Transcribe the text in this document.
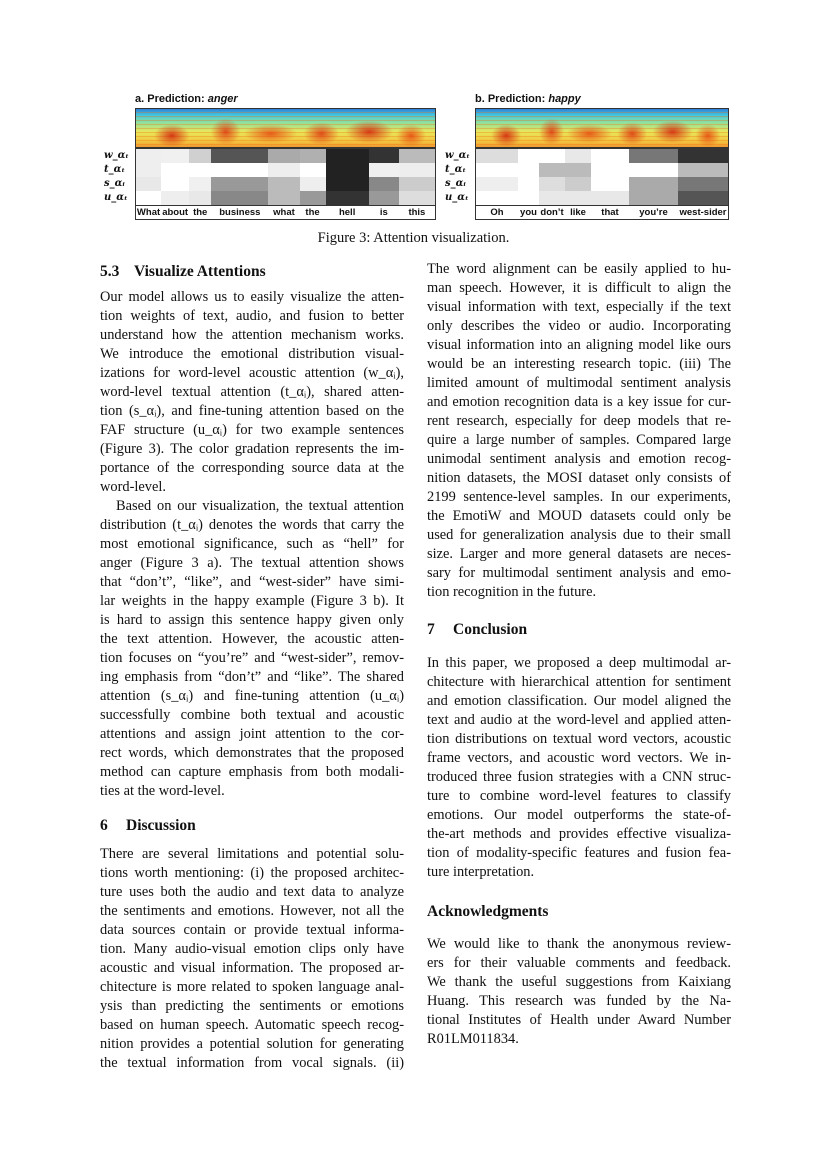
a. Prediction: anger
w_αₜ
t_αₜ
s_αᵢ
u_αₜ
What about the	business	what	the	hell	is	this
b. Prediction: happy
w_αₜ
t_αₜ
s_αᵢ
u_αₜ
Oh	you don’t like	that	you’re	west-sider
Figure 3: Attention visualization.
5.3 Visualize Attentions
Our model allows us to easily visualize the atten-
tion weights of text, audio, and fusion to better
understand how the attention mechanism works.
We introduce the emotional distribution visual-
izations for word-level acoustic attention (w_αᵢ),
word-level textual attention (t_αᵢ), shared atten-
tion (s_αᵢ), and fine-tuning attention based on the
FAF structure (u_αᵢ) for two example sentences
(Figure 3). The color gradation represents the im-
portance of the corresponding source data at the
word-level.
Based on our visualization, the textual attention
distribution (t_αᵢ) denotes the words that carry the
most emotional significance, such as “hell” for
anger (Figure 3 a). The textual attention shows
that “don’t”, “like”, and “west-sider” have simi-
lar weights in the happy example (Figure 3 b). It
is hard to assign this sentence happy given only
the text attention. However, the acoustic atten-
tion focuses on “you’re” and “west-sider”, remov-
ing emphasis from “don’t” and “like”. The shared
attention (s_αᵢ) and fine-tuning attention (u_αᵢ)
successfully combine both textual and acoustic
attentions and assign joint attention to the cor-
rect words, which demonstrates that the proposed
method can capture emphasis from both modali-
ties at the word-level.
6 Discussion
There are several limitations and potential solu-
tions worth mentioning: (i) the proposed architec-
ture uses both the audio and text data to analyze
the sentiments and emotions. However, not all the
data sources contain or provide textual informa-
tion. Many audio-visual emotion clips only have
acoustic and visual information. The proposed ar-
chitecture is more related to spoken language anal-
ysis than predicting the sentiments or emotions
based on human speech. Automatic speech recog-
nition provides a potential solution for generating
the textual information from vocal signals. (ii)
The word alignment can be easily applied to hu-
man speech. However, it is difficult to align the
visual information with text, especially if the text
only describes the video or audio. Incorporating
visual information into an aligning model like ours
would be an interesting research topic. (iii) The
limited amount of multimodal sentiment analysis
and emotion recognition data is a key issue for cur-
rent research, especially for deep models that re-
quire a large number of samples. Compared large
unimodal sentiment analysis and emotion recog-
nition datasets, the MOSI dataset only consists of
2199 sentence-level samples. In our experiments,
the EmotiW and MOUD datasets could only be
used for generalization analysis due to their small
size. Larger and more general datasets are neces-
sary for multimodal sentiment analysis and emo-
tion recognition in the future.
7 Conclusion
In this paper, we proposed a deep multimodal ar-
chitecture with hierarchical attention for sentiment
and emotion classification. Our model aligned the
text and audio at the word-level and applied atten-
tion distributions on textual word vectors, acoustic
frame vectors, and acoustic word vectors. We in-
troduced three fusion strategies with a CNN struc-
ture to combine word-level features to classify
emotions. Our model outperforms the state-of-
the-art methods and provides effective visualiza-
tion of modality-specific features and fusion fea-
ture interpretation.
Acknowledgments
We would like to thank the anonymous review-
ers for their valuable comments and feedback.
We thank the useful suggestions from Kaixiang
Huang. This research was funded by the Na-
tional Institutes of Health under Award Number
R01LM011834.
